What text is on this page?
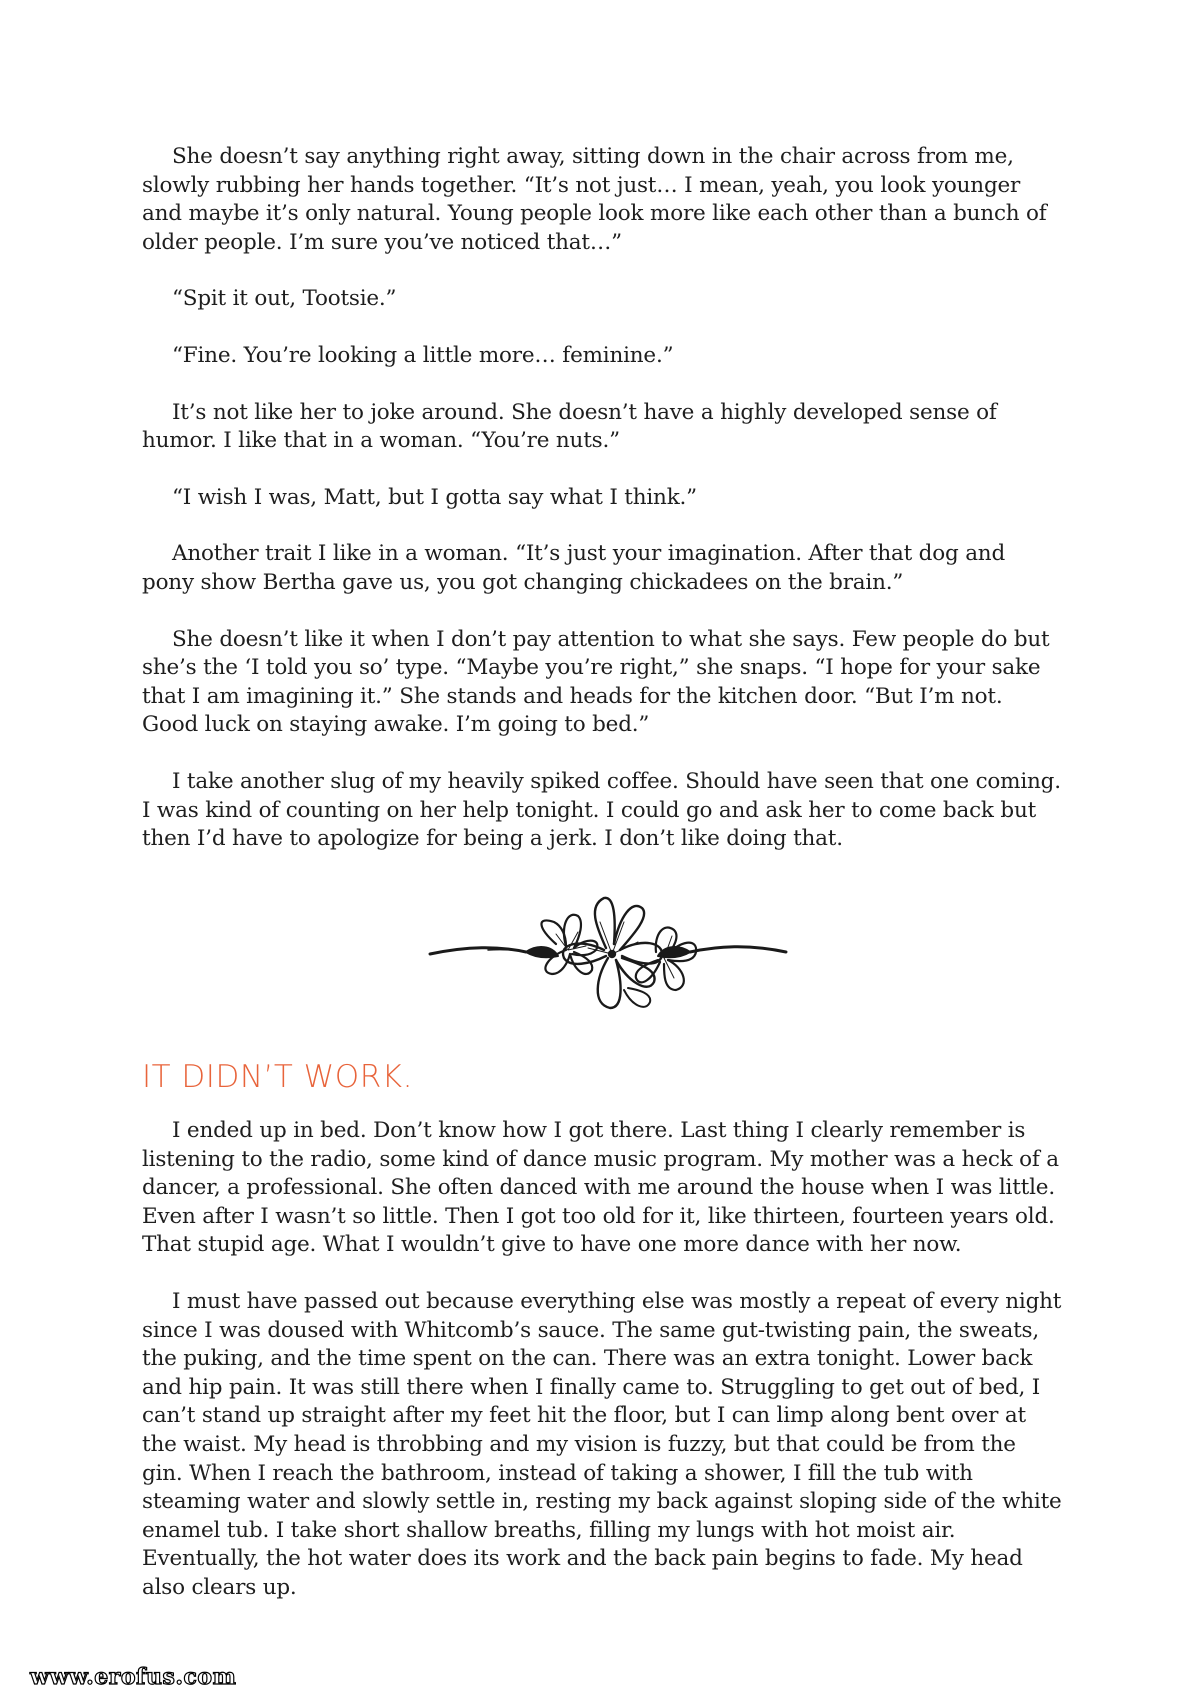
She doesn’t say anything right away, sitting down in the chair across from me, slowly rubbing her hands together. “It’s not just… I mean, yeah, you look younger and maybe it’s only natural. Young people look more like each other than a bunch of older people. I’m sure you’ve noticed that…”

“Spit it out, Tootsie.”

“Fine. You’re looking a little more… feminine.”

It’s not like her to joke around. She doesn’t have a highly developed sense of humor. I like that in a woman. “You’re nuts.”

“I wish I was, Matt, but I gotta say what I think.”

Another trait I like in a woman. “It’s just your imagination. After that dog and pony show Bertha gave us, you got changing chickadees on the brain.”

She doesn’t like it when I don’t pay attention to what she says. Few people do but she’s the ‘I told you so’ type. “Maybe you’re right,” she snaps. “I hope for your sake that I am imagining it.” She stands and heads for the kitchen door. “But I’m not. Good luck on staying awake. I’m going to bed.”

I take another slug of my heavily spiked coffee. Should have seen that one coming. I was kind of counting on her help tonight. I could go and ask her to come back but then I’d have to apologize for being a jerk. I don’t like doing that.

IT DIDN’T WORK.

I ended up in bed. Don’t know how I got there. Last thing I clearly remember is listening to the radio, some kind of dance music program. My mother was a heck of a dancer, a professional. She often danced with me around the house when I was little. Even after I wasn’t so little. Then I got too old for it, like thirteen, fourteen years old. That stupid age. What I wouldn’t give to have one more dance with her now.

I must have passed out because everything else was mostly a repeat of every night since I was doused with Whitcomb’s sauce. The same gut-twisting pain, the sweats, the puking, and the time spent on the can. There was an extra tonight. Lower back and hip pain. It was still there when I finally came to. Struggling to get out of bed, I can’t stand up straight after my feet hit the floor, but I can limp along bent over at the waist. My head is throbbing and my vision is fuzzy, but that could be from the gin. When I reach the bathroom, instead of taking a shower, I fill the tub with steaming water and slowly settle in, resting my back against sloping side of the white enamel tub. I take short shallow breaths, filling my lungs with hot moist air. Eventually, the hot water does its work and the back pain begins to fade. My head also clears up.

www.erofus.com
